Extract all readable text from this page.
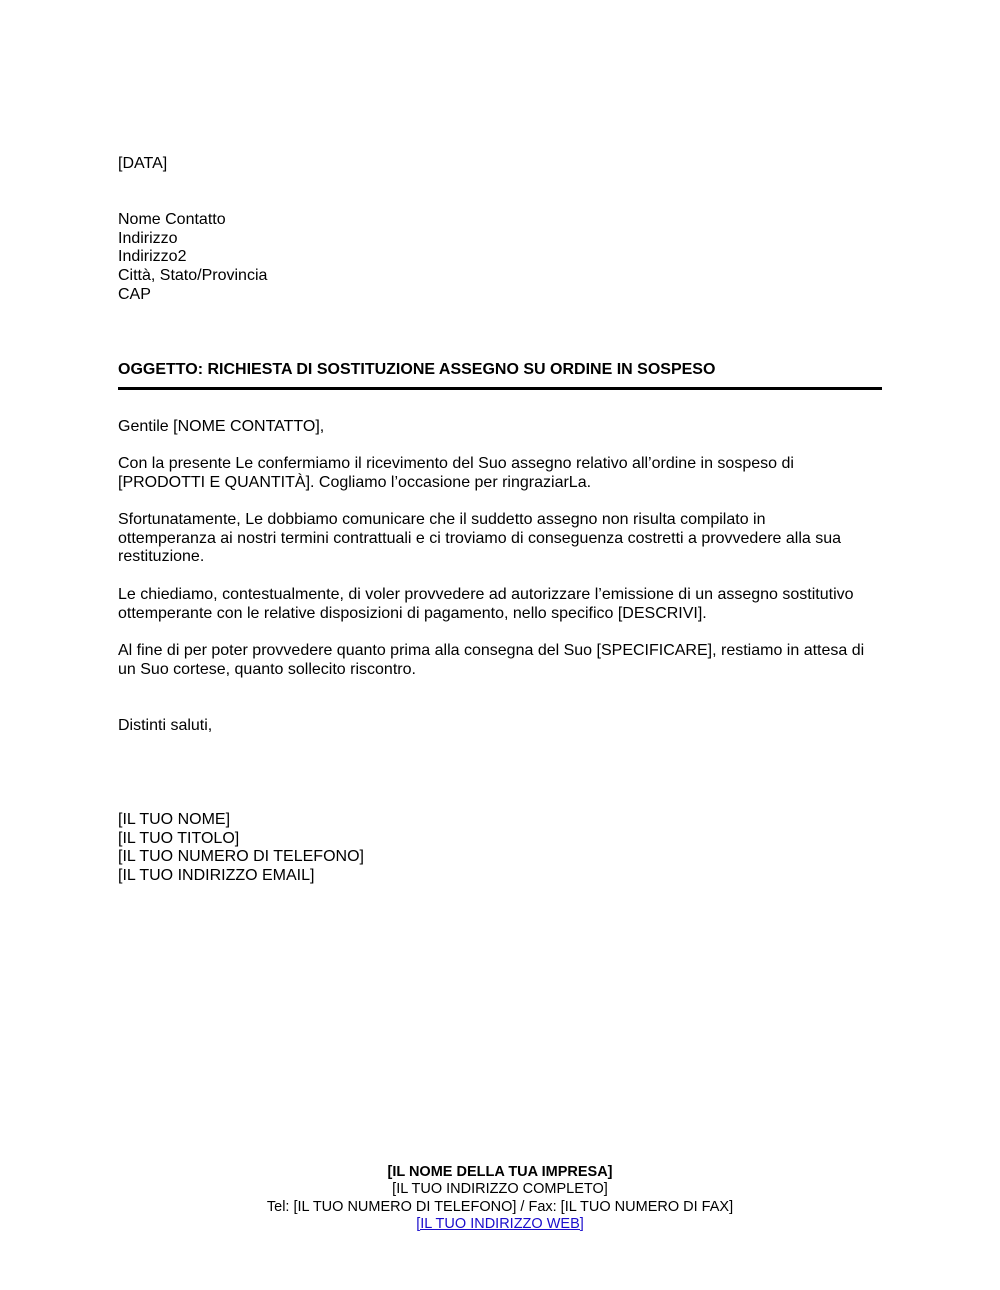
[DATA]
Nome Contatto
Indirizzo
Indirizzo2
Città, Stato/Provincia
CAP
OGGETTO: RICHIESTA DI SOSTITUZIONE ASSEGNO SU ORDINE IN SOSPESO
Gentile [NOME CONTATTO],
Con la presente Le confermiamo il ricevimento del Suo assegno relativo all’ordine in sospeso di
[PRODOTTI E QUANTITÀ]. Cogliamo l’occasione per ringraziarLa.
Sfortunatamente, Le dobbiamo comunicare che il suddetto assegno non risulta compilato in
ottemperanza ai nostri termini contrattuali e ci troviamo di conseguenza costretti a provvedere alla sua
restituzione.
Le chiediamo, contestualmente, di voler provvedere ad autorizzare l’emissione di un assegno sostitutivo
ottemperante con le relative disposizioni di pagamento, nello specifico [DESCRIVI].
Al fine di per poter provvedere quanto prima alla consegna del Suo [SPECIFICARE], restiamo in attesa di
un Suo cortese, quanto sollecito riscontro.
Distinti saluti,
[IL TUO NOME]
[IL TUO TITOLO]
[IL TUO NUMERO DI TELEFONO]
[IL TUO INDIRIZZO EMAIL]
[IL NOME DELLA TUA IMPRESA]
[IL TUO INDIRIZZO COMPLETO]
Tel: [IL TUO NUMERO DI TELEFONO] / Fax: [IL TUO NUMERO DI FAX]
[IL TUO INDIRIZZO WEB]
